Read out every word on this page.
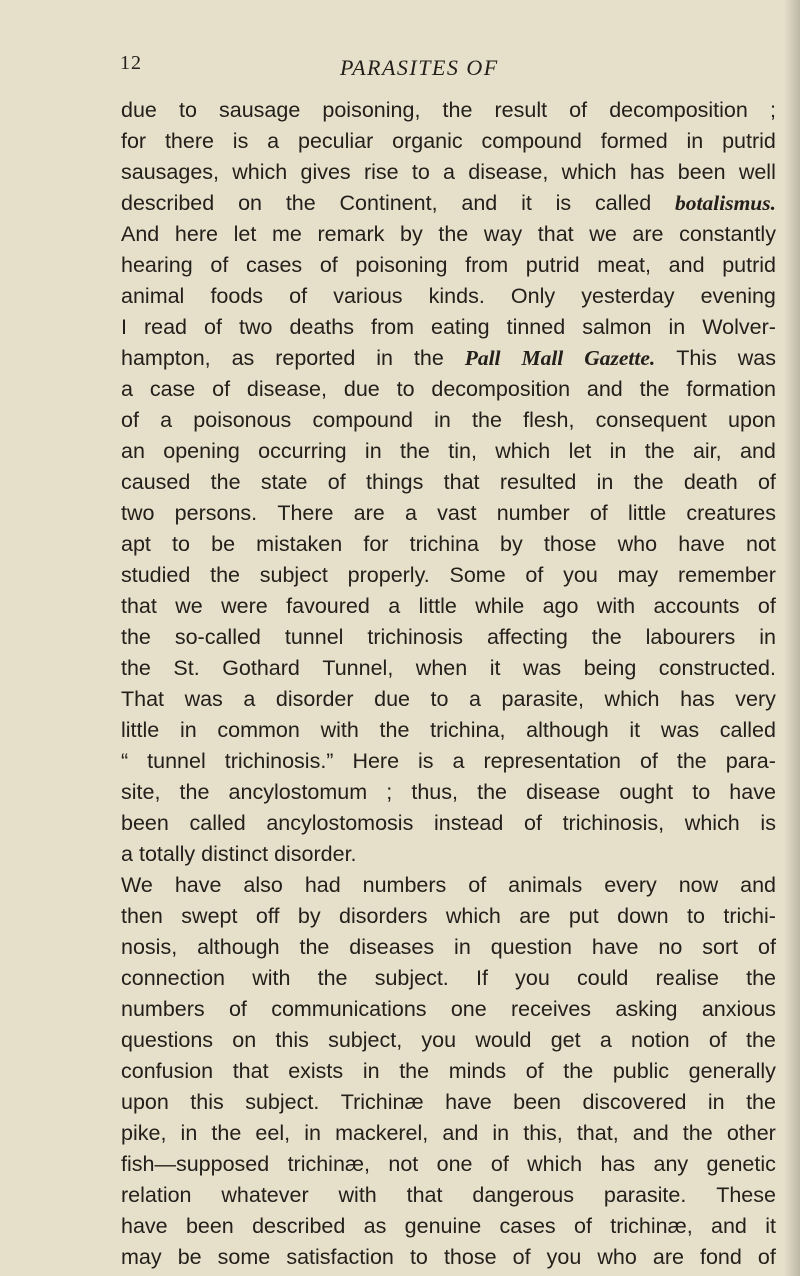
12	PARASITES OF
due to sausage poisoning, the result of decomposition ;
for there is a peculiar organic compound formed in putrid
sausages, which gives rise to a disease, which has been well
described on the Continent, and it is called botalismus.
And here let me remark by the way that we are constantly
hearing of cases of poisoning from putrid meat, and putrid
animal foods of various kinds. Only yesterday evening
I read of two deaths from eating tinned salmon in Wolver-
hampton, as reported in the Pall Mall Gazette. This was
a case of disease, due to decomposition and the formation
of a poisonous compound in the flesh, consequent upon
an opening occurring in the tin, which let in the air, and
caused the state of things that resulted in the death of
two persons. There are a vast number of little creatures
apt to be mistaken for trichina by those who have not
studied the subject properly. Some of you may remember
that we were favoured a little while ago with accounts of
the so-called tunnel trichinosis affecting the labourers in
the St. Gothard Tunnel, when it was being constructed.
That was a disorder due to a parasite, which has very
little in common with the trichina, although it was called
“ tunnel trichinosis.” Here is a representation of the para-
site, the ancylostomum ; thus, the disease ought to have
been called ancylostomosis instead of trichinosis, which is
a totally distinct disorder.
We have also had numbers of animals every now and
then swept off by disorders which are put down to trichi-
nosis, although the diseases in question have no sort of
connection with the subject. If you could realise the
numbers of communications one receives asking anxious
questions on this subject, you would get a notion of the
confusion that exists in the minds of the public generally
upon this subject. Trichinæ have been discovered in the
pike, in the eel, in mackerel, and in this, that, and the other
fish—supposed trichinæ, not one of which has any genetic
relation whatever with that dangerous parasite. These
have been described as genuine cases of trichinæ, and it
may be some satisfaction to those of you who are fond of
